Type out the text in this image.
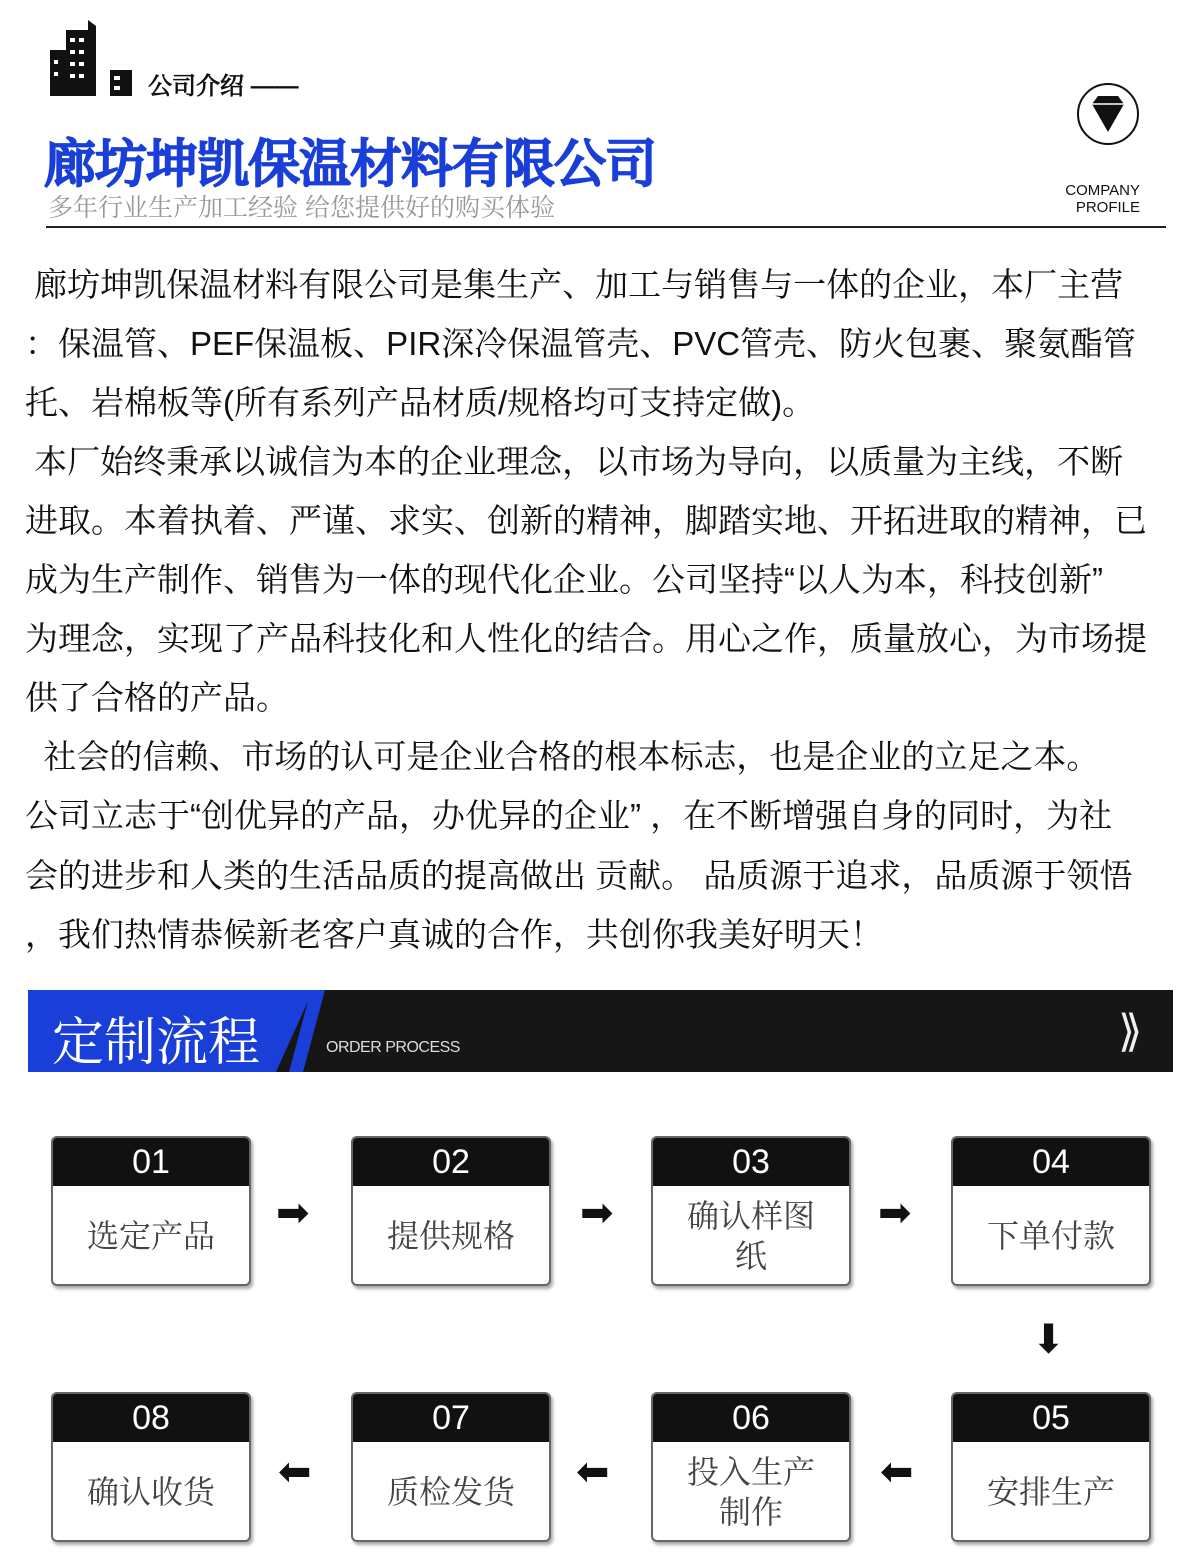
公司介绍 ——
廊坊坤凯保温材料有限公司
多年行业生产加工经验 给您提供好的购买体验
COMPANY
PROFILE
廊坊坤凯保温材料有限公司是集生产、加工与销售与一体的企业，本厂主营
：保温管、PEF保温板、PIR深冷保温管壳、PVC管壳、防火包裹、聚氨酯管
托、岩棉板等(所有系列产品材质/规格均可支持定做)。
本厂始终秉承以诚信为本的企业理念，以市场为导向，以质量为主线，不断
进取。本着执着、严谨、求实、创新的精神，脚踏实地、开拓进取的精神，已
成为生产制作、销售为一体的现代化企业。公司坚持“以人为本，科技创新”
为理念，实现了产品科技化和人性化的结合。用心之作，质量放心，为市场提
供了合格的产品。
社会的信赖、市场的认可是企业合格的根本标志，也是企业的立足之本。
公司立志于“创优异的产品，办优异的企业” ，在不断增强自身的同时，为社
会的进步和人类的生活品质的提高做出 贡献。 品质源于追求，品质源于领悟
，我们热情恭候新老客户真诚的合作，共创你我美好明天！
定制流程	ORDER PROCESS	⟫
01
选定产品
02
提供规格
03
确认样图纸
04
下单付款
05
安排生产
06
投入生产制作
07
质检发货
08
确认收货
➡	➡	➡
➡
➡
➡
➡
